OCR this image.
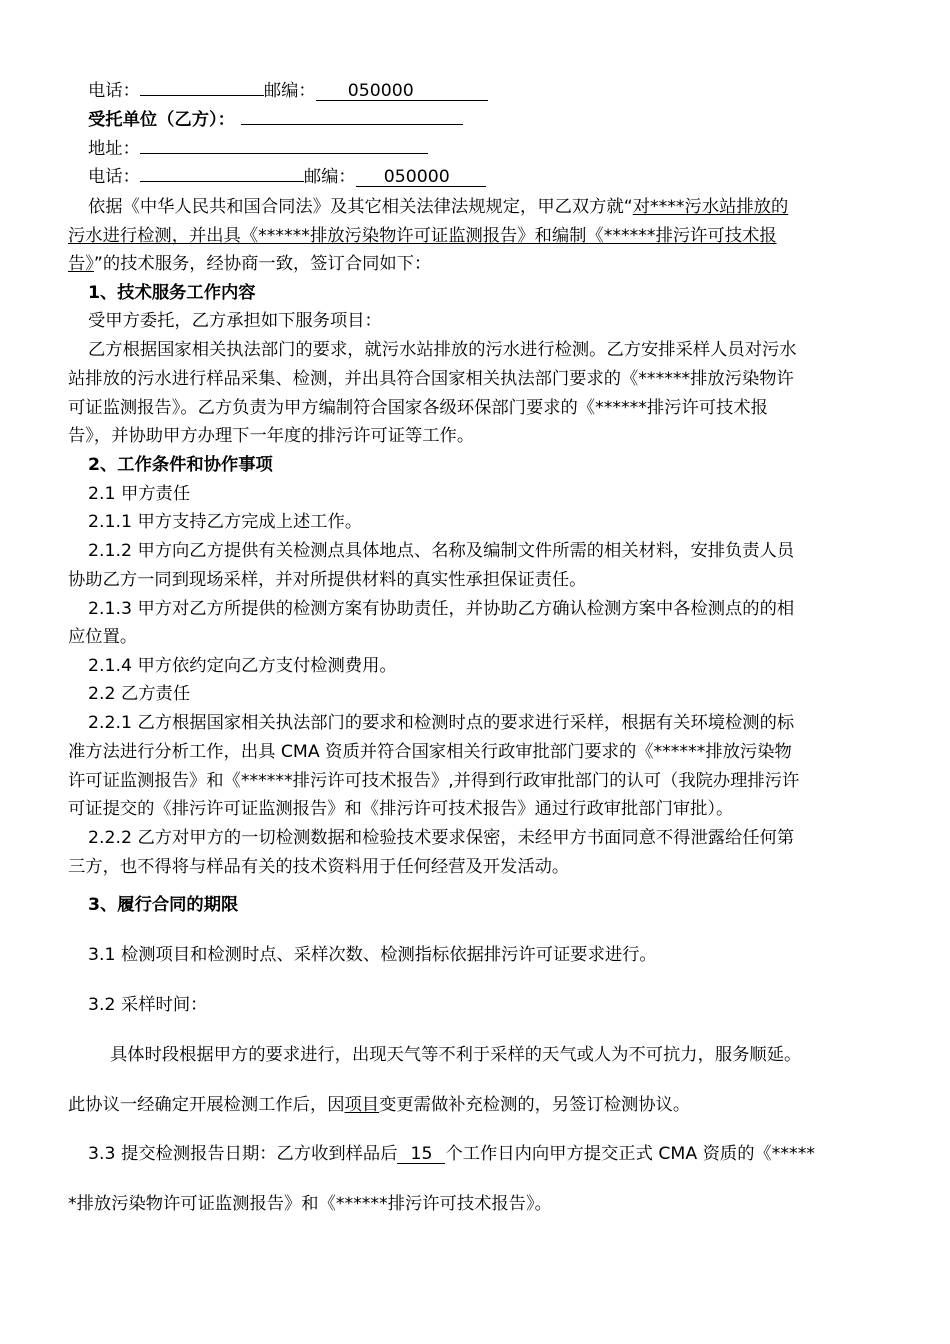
电话：	邮编： 050000
受托单位（乙方）：
地址：
电话：	邮编： 050000
依据《中华人民共和国合同法》及其它相关法律法规规定，甲乙双方就“对****污水站排放的
污水进行检测，并出具《******排放污染物许可证监测报告》和编制《******排污许可技术报
告》”的技术服务，经协商一致，签订合同如下：
1、技术服务工作内容
受甲方委托，乙方承担如下服务项目：
乙方根据国家相关执法部门的要求，就污水站排放的污水进行检测。乙方安排采样人员对污水
站排放的污水进行样品采集、检测，并出具符合国家相关执法部门要求的《******排放污染物许
可证监测报告》。乙方负责为甲方编制符合国家各级环保部门要求的《******排污许可技术报
告》，并协助甲方办理下一年度的排污许可证等工作。
2、工作条件和协作事项
2.1 甲方责任
2.1.1 甲方支持乙方完成上述工作。
2.1.2 甲方向乙方提供有关检测点具体地点、名称及编制文件所需的相关材料，安排负责人员
协助乙方一同到现场采样，并对所提供材料的真实性承担保证责任。
2.1.3 甲方对乙方所提供的检测方案有协助责任，并协助乙方确认检测方案中各检测点的的相
应位置。
2.1.4 甲方依约定向乙方支付检测费用。
2.2 乙方责任
2.2.1 乙方根据国家相关执法部门的要求和检测时点的要求进行采样，根据有关环境检测的标
准方法进行分析工作，出具 CMA 资质并符合国家相关行政审批部门要求的《******排放污染物
许可证监测报告》和《******排污许可技术报告》,并得到行政审批部门的认可（我院办理排污许
可证提交的《排污许可证监测报告》和《排污许可技术报告》通过行政审批部门审批）。
2.2.2 乙方对甲方的一切检测数据和检验技术要求保密，未经甲方书面同意不得泄露给任何第
三方，也不得将与样品有关的技术资料用于任何经营及开发活动。
3、履行合同的期限
3.1 检测项目和检测时点、采样次数、检测指标依据排污许可证要求进行。
3.2 采样时间：
具体时段根据甲方的要求进行，出现天气等不利于采样的天气或人为不可抗力，服务顺延。
此协议一经确定开展检测工作后，因项目变更需做补充检测的，另签订检测协议。
3.3 提交检测报告日期：乙方收到样品后 15 个工作日内向甲方提交正式 CMA 资质的《*****
*排放污染物许可证监测报告》和《******排污许可技术报告》。
